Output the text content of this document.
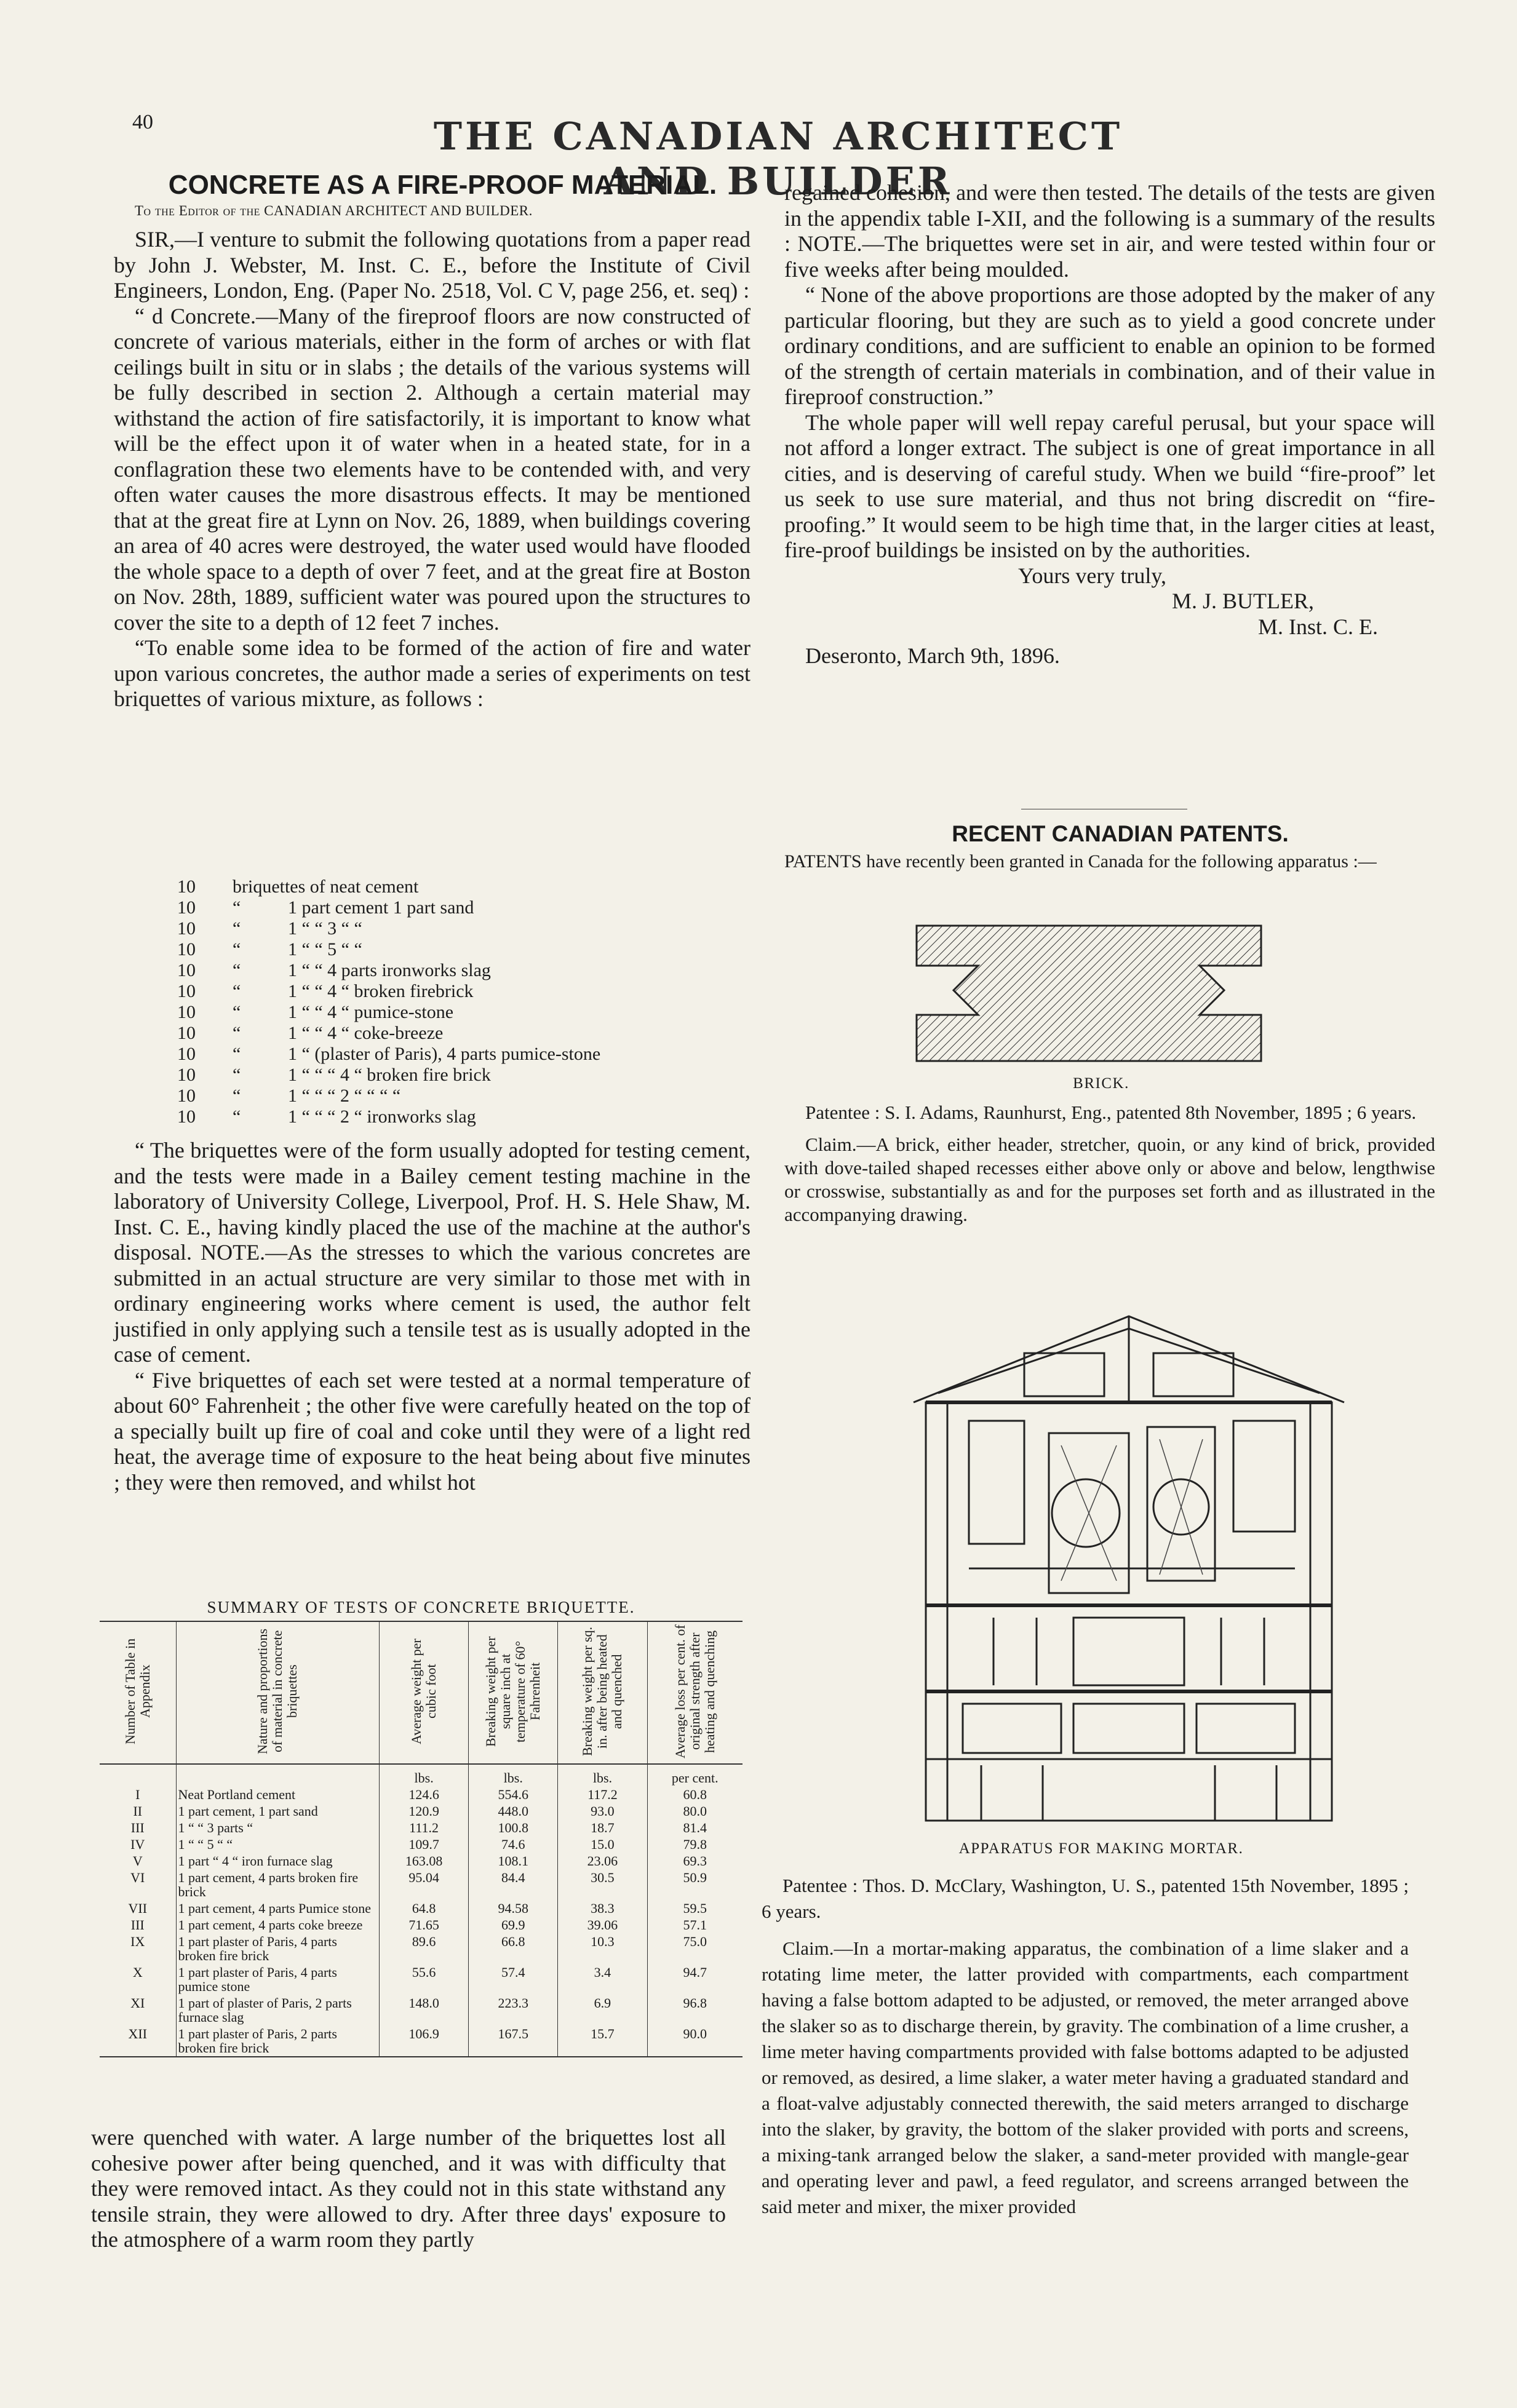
40	THE CANADIAN ARCHITECT AND BUILDER

CONCRETE AS A FIRE-PROOF MATERIAL.

To the Editor of the CANADIAN ARCHITECT AND BUILDER.

SIR,—I venture to submit the following quotations from a paper read by John J. Webster, M. Inst. C. E., before the Institute of Civil Engineers, London, Eng. (Paper No. 2518, Vol. C V, page 256, et. seq) :

“ d Concrete.—Many of the fireproof floors are now constructed of concrete of various materials, either in the form of arches or with flat ceilings built in situ or in slabs ; the details of the various systems will be fully described in section 2. Although a certain material may withstand the action of fire satisfactorily, it is important to know what will be the effect upon it of water when in a heated state, for in a conflagration these two elements have to be contended with, and very often water causes the more disastrous effects. It may be mentioned that at the great fire at Lynn on Nov. 26, 1889, when buildings covering an area of 40 acres were destroyed, the water used would have flooded the whole space to a depth of over 7 feet, and at the great fire at Boston on Nov. 28th, 1889, sufficient water was poured upon the structures to cover the site to a depth of 12 feet 7 inches.

“To enable some idea to be formed of the action of fire and water upon various concretes, the author made a series of experiments on test briquettes of various mixture, as follows :

10 briquettes of neat cement
10 “	1 part cement 1 part sand
10 “	1 “ “ 3 “ “
10 “	1 “ “ 5 “ “
10 “	1 “ “ 4 parts ironworks slag
10 “	1 “ “ 4 “ broken firebrick
10 “	1 “ “ 4 “ pumice-stone
10 “	1 “ “ 4 “ coke-breeze
10 “	1 “ (plaster of Paris), 4 parts pumice-stone
10 “	1 “ “ “ 4 “ broken fire brick
10 “	1 “ “ “ 2 “ “ “ “
10 “	1 “ “ “ 2 “ ironworks slag

“ The briquettes were of the form usually adopted for testing cement, and the tests were made in a Bailey cement testing machine in the laboratory of University College, Liverpool, Prof. H. S. Hele Shaw, M. Inst. C. E., having kindly placed the use of the machine at the author's disposal. NOTE.—As the stresses to which the various concretes are submitted in an actual structure are very similar to those met with in ordinary engineering works where cement is used, the author felt justified in only applying such a tensile test as is usually adopted in the case of cement.

“ Five briquettes of each set were tested at a normal temperature of about 60° Fahrenheit ; the other five were carefully heated on the top of a specially built up fire of coal and coke until they were of a light red heat, the average time of exposure to the heat being about five minutes ; they were then removed, and whilst hot

SUMMARY OF TESTS OF CONCRETE BRIQUETTE.
Number of Table in Appendix	Nature and proportions of material in concrete briquettes	Average weight per cubic foot	Breaking weight per square inch at temperature of 60° Fahrenheit	Breaking weight per sq. in. after being heated and quenched	Average loss per cent. of original strength after heating and quenching
		lbs.	lbs.	lbs.	per cent.
I	Neat Portland cement	124.6	554.6	117.2	60.8
II	1 part cement, 1 part sand	120.9	448.0	93.0	80.0
III	1 “ “ 3 parts “	111.2	100.8	18.7	81.4
IV	1 “ “ 5 “ “	109.7	74.6	15.0	79.8
V	1 part “ 4 “ iron furnace slag	163.08	108.1	23.06	69.3
VI	1 part cement, 4 parts broken fire brick	95.04	84.4	30.5	50.9
VII	1 part cement, 4 parts Pumice stone	64.8	94.58	38.3	59.5
III	1 part cement, 4 parts coke breeze	71.65	69.9	39.06	57.1
IX	1 part plaster of Paris, 4 parts broken fire brick	89.6	66.8	10.3	75.0
X	1 part plaster of Paris, 4 parts pumice stone	55.6	57.4	3.4	94.7
XI	1 part of plaster of Paris, 2 parts furnace slag	148.0	223.3	6.9	96.8
XII	1 part plaster of Paris, 2 parts broken fire brick	106.9	167.5	15.7	90.0

were quenched with water. A large number of the briquettes lost all cohesive power after being quenched, and it was with difficulty that they were removed intact. As they could not in this state withstand any tensile strain, they were allowed to dry. After three days' exposure to the atmosphere of a warm room they partly

regained cohesion, and were then tested. The details of the tests are given in the appendix table I-XII, and the following is a summary of the results : NOTE.—The briquettes were set in air, and were tested within four or five weeks after being moulded.

“ None of the above proportions are those adopted by the maker of any particular flooring, but they are such as to yield a good concrete under ordinary conditions, and are sufficient to enable an opinion to be formed of the strength of certain materials in combination, and of their value in fireproof construction.”

The whole paper will well repay careful perusal, but your space will not afford a longer extract. The subject is one of great importance in all cities, and is deserving of careful study. When we build “fire-proof” let us seek to use sure material, and thus not bring discredit on “fire-proofing.” It would seem to be high time that, in the larger cities at least, fire-proof buildings be insisted on by the authorities.

Yours very truly,

M. J. BUTLER,

M. Inst. C. E.

Deseronto, March 9th, 1896.

RECENT CANADIAN PATENTS.

PATENTS have recently been granted in Canada for the following apparatus :—

BRICK.

Patentee : S. I. Adams, Raunhurst, Eng., patented 8th November, 1895 ; 6 years.

Claim.—A brick, either header, stretcher, quoin, or any kind of brick, provided with dove-tailed shaped recesses either above only or above and below, lengthwise or crosswise, substantially as and for the purposes set forth and as illustrated in the accompanying drawing.

APPARATUS FOR MAKING MORTAR.

Patentee : Thos. D. McClary, Washington, U. S., patented 15th November, 1895 ; 6 years.

Claim.—In a mortar-making apparatus, the combination of a lime slaker and a rotating lime meter, the latter provided with compartments, each compartment having a false bottom adapted to be adjusted, or removed, the meter arranged above the slaker so as to discharge therein, by gravity. The combination of a lime crusher, a lime meter having compartments provided with false bottoms adapted to be adjusted or removed, as desired, a lime slaker, a water meter having a graduated standard and a float-valve adjustably connected therewith, the said meters arranged to discharge into the slaker, by gravity, the bottom of the slaker provided with ports and screens, a mixing-tank arranged below the slaker, a sand-meter provided with mangle-gear and operating lever and pawl, a feed regulator, and screens arranged between the said meter and mixer, the mixer provided
